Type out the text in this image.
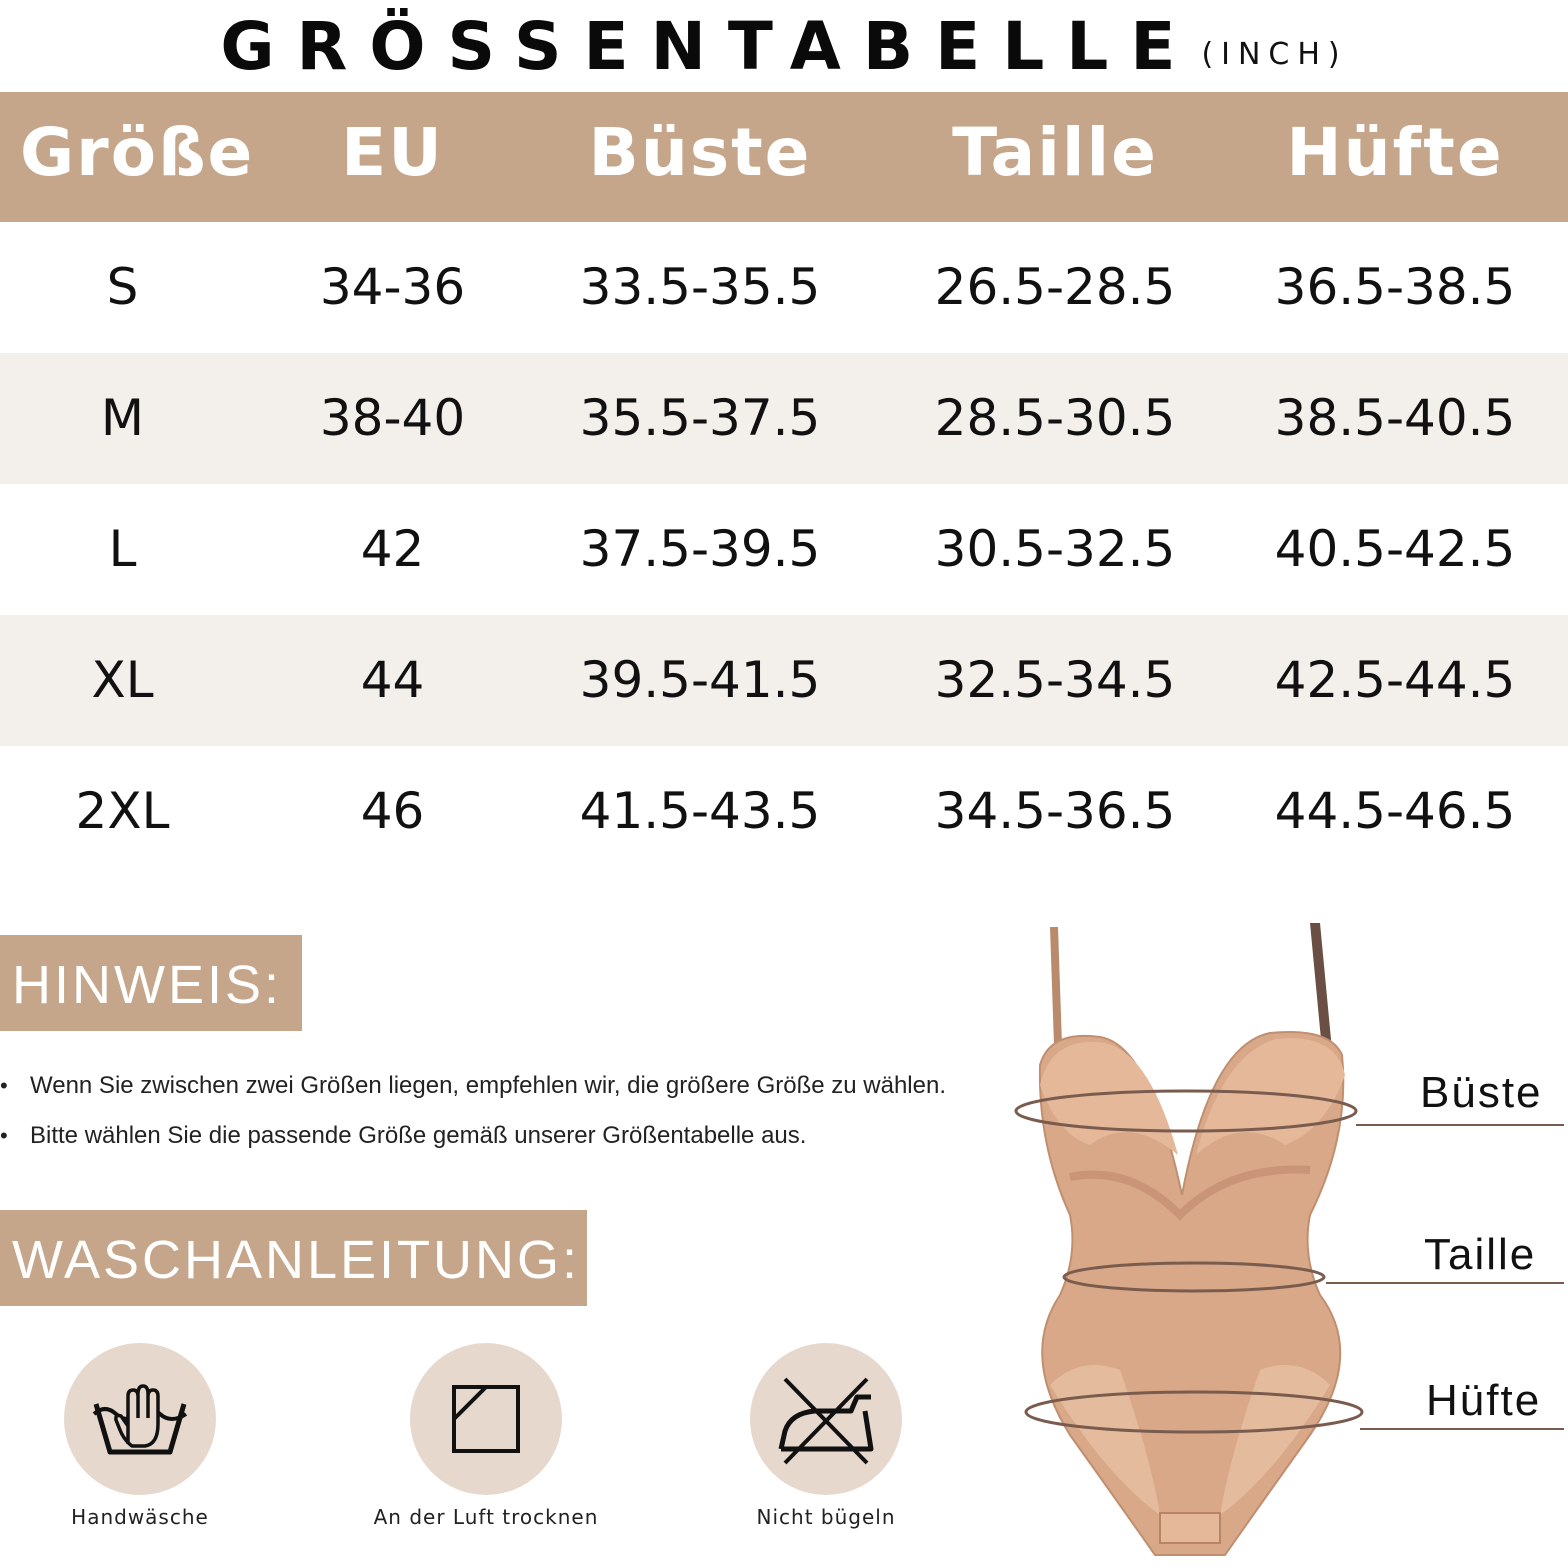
GRÖSSENTABELLE (INCH)
Größe	EU	Büste	Taille	Hüfte
S	34-36	33.5-35.5	26.5-28.5	36.5-38.5
M	38-40	35.5-37.5	28.5-30.5	38.5-40.5
L	42	37.5-39.5	30.5-32.5	40.5-42.5
XL	44	39.5-41.5	32.5-34.5	42.5-44.5
2XL	46	41.5-43.5	34.5-36.5	44.5-46.5
HINWEIS:
• Wenn Sie zwischen zwei Größen liegen, empfehlen wir, die größere Größe zu wählen.
• Bitte wählen Sie die passende Größe gemäß unserer Größentabelle aus.
WASCHANLEITUNG:
Handwäsche	An der Luft trocknen	Nicht bügeln
Büste
Taille
Hüfte
